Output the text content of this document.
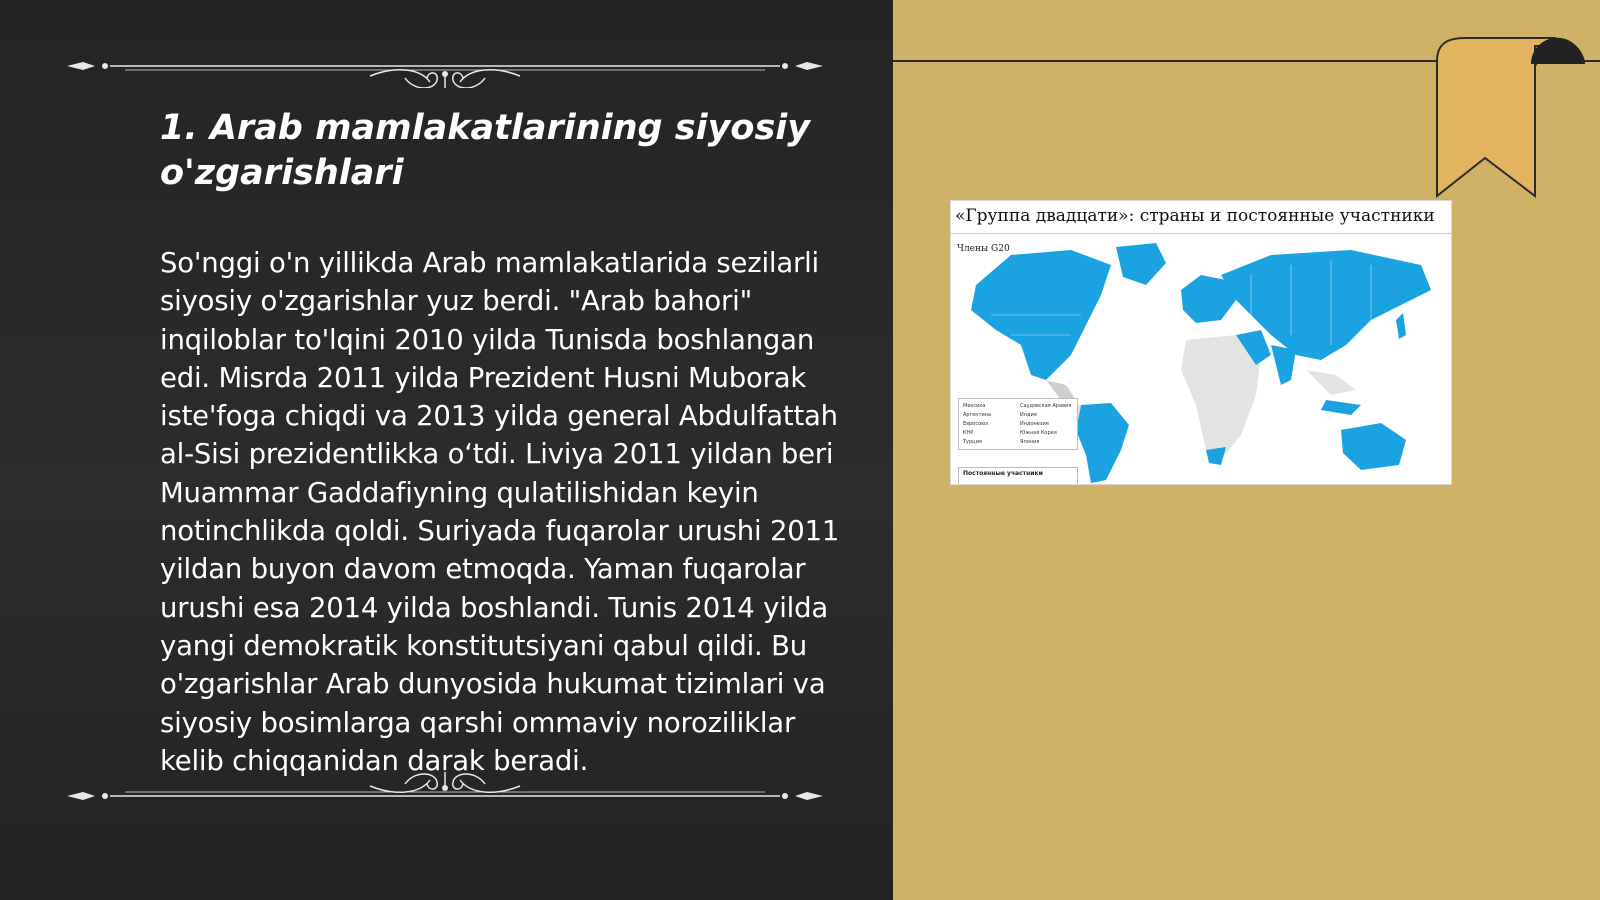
1. Arab mamlakatlarining siyosiy o'zgarishlari

So'nggi o'n yillikda Arab mamlakatlarida sezilarli siyosiy o'zgarishlar yuz berdi. "Arab bahori" inqiloblar to'lqini 2010 yilda Tunisda boshlangan edi. Misrda 2011 yilda Prezident Husni Muborak iste'foga chiqdi va 2013 yilda general Abdulfattah al-Sisi prezidentlikka o‘tdi. Liviya 2011 yildan beri Muammar Gaddafiyning qulatilishidan keyin notinchlikda qoldi. Suriyada fuqarolar urushi 2011 yildan buyon davom etmoqda. Yaman fuqarolar urushi esa 2014 yilda boshlandi. Tunis 2014 yilda yangi demokratik konstitutsiyani qabul qildi. Bu o'zgarishlar Arab dunyosida hukumat tizimlari va siyosiy bosimlarga qarshi ommaviy noroziliklar kelib chiqqanidan darak beradi.

«Группа двадцати»: страны и постоянные участники
Члены G20
Мексика	Саудовская Аравия
Аргентина	Индия
Евросоюз	Индонезия
КНР	Южная Корея
Турция	Япония
Постоянные участники
